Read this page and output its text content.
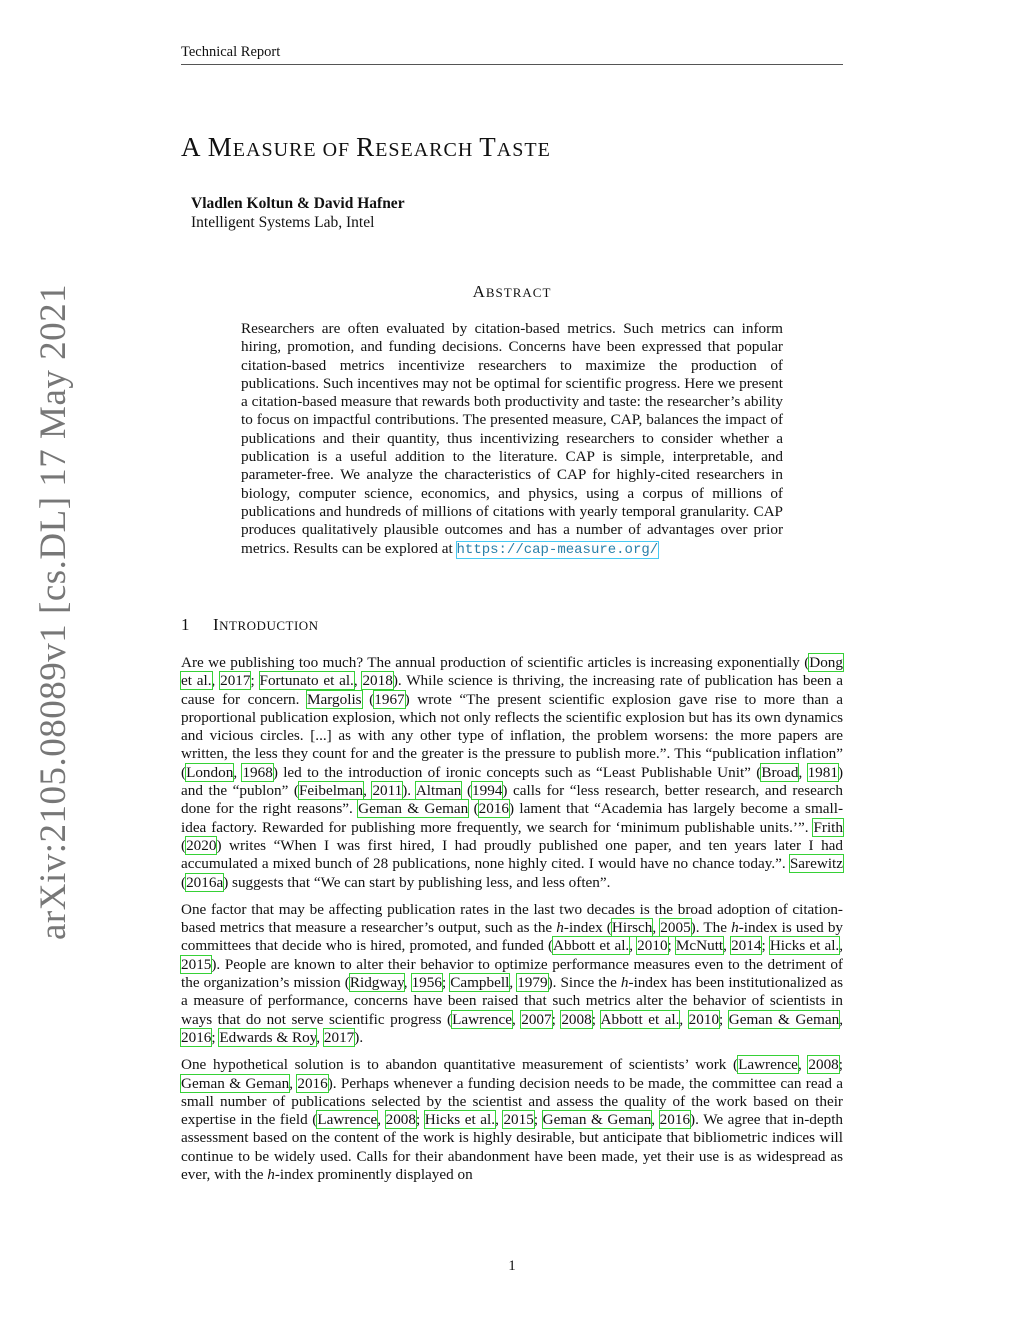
Technical Report
arXiv:2105.08089v1 [cs.DL] 17 May 2021
A MEASURE OF RESEARCH TASTE
Vladlen Koltun & David Hafner
Intelligent Systems Lab, Intel
ABSTRACT
Researchers are often evaluated by citation-based metrics. Such metrics can inform hiring, promotion, and funding decisions. Concerns have been expressed that popular citation-based metrics incentivize researchers to maximize the production of publications. Such incentives may not be optimal for scientific progress. Here we present a citation-based measure that rewards both productivity and taste: the researcher’s ability to focus on impactful contributions. The presented measure, CAP, balances the impact of publications and their quantity, thus incentivizing researchers to consider whether a publication is a useful addition to the literature. CAP is simple, interpretable, and parameter-free. We analyze the characteristics of CAP for highly-cited researchers in biology, computer science, economics, and physics, using a corpus of millions of publications and hundreds of millions of citations with yearly temporal granularity. CAP produces qualitatively plausible outcomes and has a number of advantages over prior metrics. Results can be explored at https://cap-measure.org/
1 INTRODUCTION

Are we publishing too much? The annual production of scientific articles is increasing exponentially (Dong et al., 2017; Fortunato et al., 2018). While science is thriving, the increasing rate of publication has been a cause for concern. Margolis (1967) wrote “The present scientific explosion gave rise to more than a proportional publication explosion, which not only reflects the scientific explosion but has its own dynamics and vicious circles. [...] as with any other type of inflation, the problem worsens: the more papers are written, the less they count for and the greater is the pressure to publish more.”. This “publication inflation” (London, 1968) led to the introduction of ironic concepts such as “Least Publishable Unit” (Broad, 1981) and the “publon” (Feibelman, 2011). Altman (1994) calls for “less research, better research, and research done for the right reasons”. Geman & Geman (2016) lament that “Academia has largely become a small-idea factory. Rewarded for publishing more frequently, we search for ‘minimum publishable units.’”. Frith (2020) writes “When I was first hired, I had proudly published one paper, and ten years later I had accumulated a mixed bunch of 28 publications, none highly cited. I would have no chance today.”. Sarewitz (2016a) suggests that “We can start by publishing less, and less often”.

One factor that may be affecting publication rates in the last two decades is the broad adoption of citation-based metrics that measure a researcher’s output, such as the h-index (Hirsch, 2005). The h-index is used by committees that decide who is hired, promoted, and funded (Abbott et al., 2010; McNutt, 2014; Hicks et al., 2015). People are known to alter their behavior to optimize performance measures even to the detriment of the organization’s mission (Ridgway, 1956; Campbell, 1979). Since the h-index has been institutionalized as a measure of performance, concerns have been raised that such metrics alter the behavior of scientists in ways that do not serve scientific progress (Lawrence, 2007; 2008; Abbott et al., 2010; Geman & Geman, 2016; Edwards & Roy, 2017).

One hypothetical solution is to abandon quantitative measurement of scientists’ work (Lawrence, 2008; Geman & Geman, 2016). Perhaps whenever a funding decision needs to be made, the committee can read a small number of publications selected by the scientist and assess the quality of the work based on their expertise in the field (Lawrence, 2008; Hicks et al., 2015; Geman & Geman, 2016). We agree that in-depth assessment based on the content of the work is highly desirable, but anticipate that bibliometric indices will continue to be widely used. Calls for their abandonment have been made, yet their use is as widespread as ever, with the h-index prominently displayed on

1
